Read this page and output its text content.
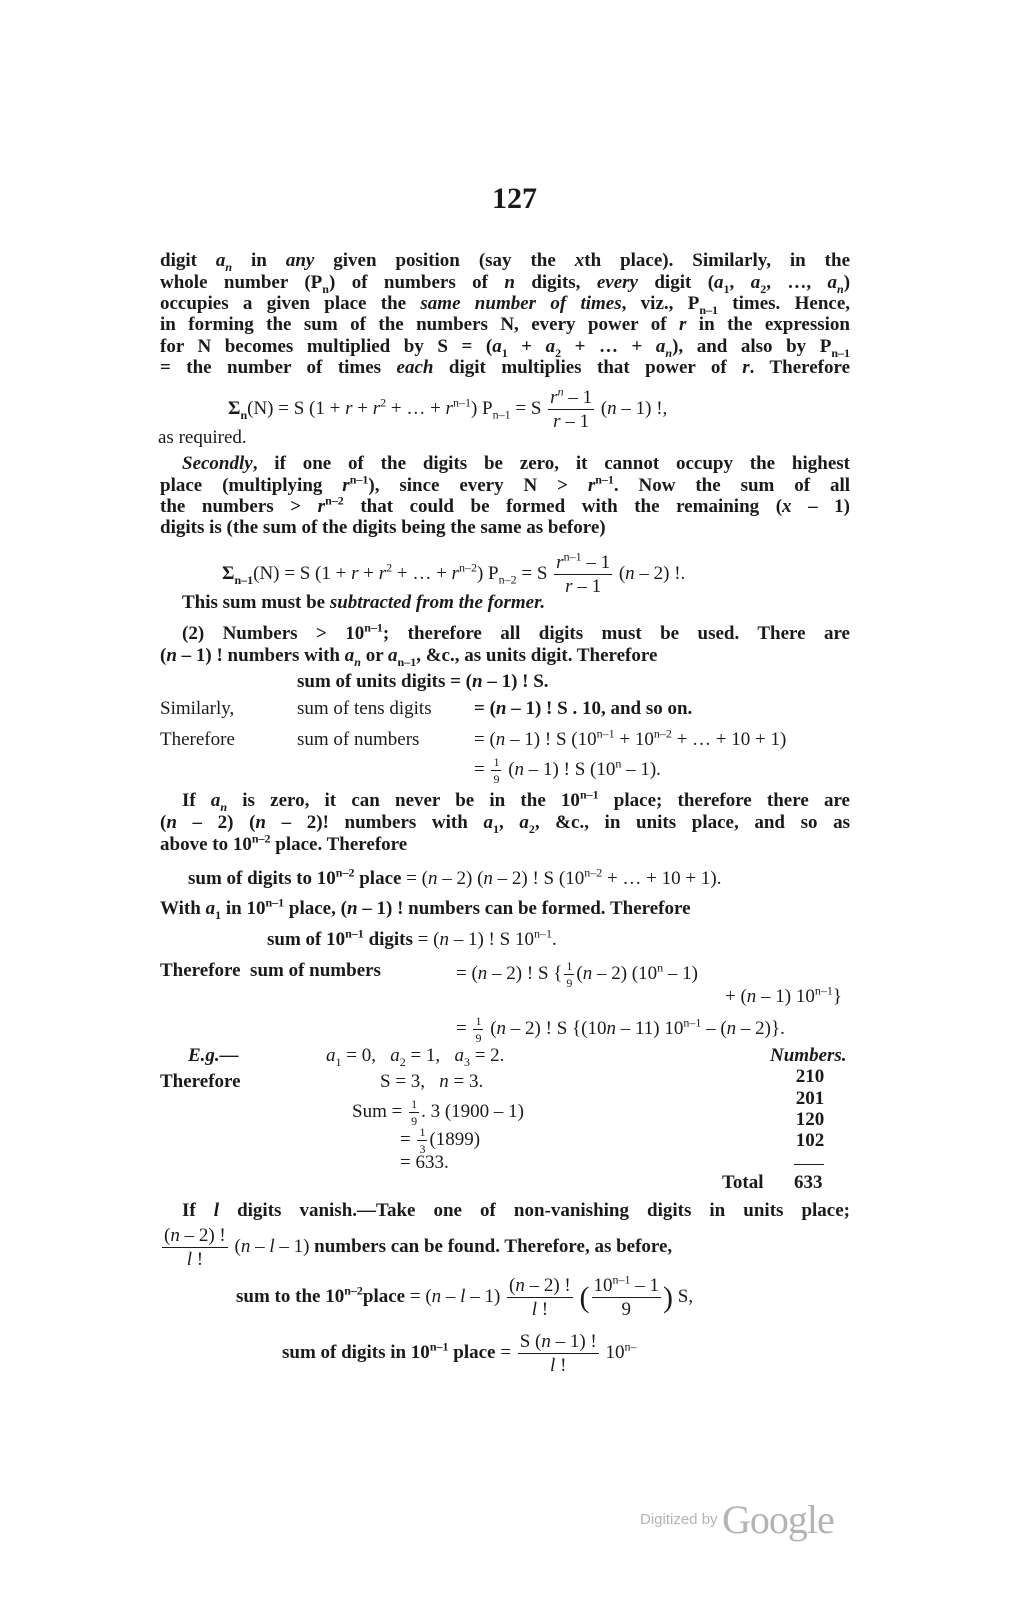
127
digit $a_n$ in any given position (say the xth place). Similarly, in the
whole number $(P_n)$ of numbers of n digits, every digit ($a_1$, $a_2$, …, $a_n$)
occupies a given place the same number of times, viz., $P_{n-1}$ times. Hence,
in forming the sum of the numbers N, every power of r in the expression
for N becomes multiplied by $S = (a_1 + a_2$ + … + $a_n$), and also by $P_{n-1}$
= the number of times each digit multiplies that power of r. Therefore
$\Sigma_n(N) = S$ ($1 + r + r^2$ + … + $r^{n-1}$) $P_{n-1} = S \frac{r^n - 1}{r - 1} (n - 1)$ !,
as required.
Secondly, if one of the digits be zero, it cannot occupy the highest
place (multiplying $r^{n-1}$), since every $N > r^{n-1}$. Now the sum of all
the numbers > $r^{n-2}$ that could be formed with the remaining (x – 1)
digits is (the sum of the digits being the same as before)
$\Sigma_{n-1}(N) = S$ ($1 + r + r^2$ + … + $r^{n-2}$) $P_{n-2} = S \frac{r^{n-1} - 1}{r - 1} (n - 2)$ !.
This sum must be subtracted from the former.
(2) Numbers > $10^{n-1}$; therefore all digits must be used. There are
(n – 1) ! numbers with $a_n$ or $a_{n-1}$, &c., as units digit. Therefore
sum of units digits = (n – 1) ! S.
Similarly,	sum of tens digits = (n – 1) ! S . 10, and so on.
Therefore	sum of numbers	= (n – 1) ! S ($10^{n-1} + 10^{n-2}$ + … + 10 + 1)
= $\frac{1}{9} (n - 1)$ ! S (10$^n$ – 1).
If $a_n$ is zero, it can never be in the 10$^{n-1}$ place; therefore there are
(n – 2) (n – 2)! numbers with $a_1$, $a_2$, &c., in units place, and so as
above to 10$^{n-2}$ place. Therefore
sum of digits to 10$^{n-2}$ place = (n – 2) (n – 2) ! S ($10^{n-2}$ + … + 10 + 1).
With $a_1$ in 10$^{n-1}$ place, (n – 1) ! numbers can be formed. Therefore
sum of 10$^{n-1}$ digits = (n – 1) ! S 10$^{n-1}$.
Therefore  sum of numbers	= (n – 2) ! S { $\frac{1}{9} (n - 2)$ (10$^n$ – 1)
+ (n – 1) $10^{n-1}$}
= $\frac{1}{9} (n - 2)$ ! S {(10n – 11) 10$^{n-1}$ – (n – 2)}.
E.g.—	$a_1 = 0$,   $a_2 = 1$,   $a_3 = 2$.	Numbers.
Therefore	S = 3,   n = 3.
Sum = $\frac{1}{9}$ . 3 (1900 – 1)
= $\frac{1}{3} (1899)$
= 633.
210
201
120
102
Total 633
If l digits vanish.—Take one of non-vanishing digits in units place;
$\frac{(n - 2) !}{l !} (n$ – l – 1) numbers can be found. Therefore, as before,
sum to the $10^{n-2}place = (n - l - 1) \frac{(n - 2) !}{l !}$ ( $\frac{10^{n-1} - 1}{9}$ ) S,
sum of digits in 10$^{n-1}$ place = $\frac{S (n - 1) !}{l !} 10^{n-}$
Digitized by Google
